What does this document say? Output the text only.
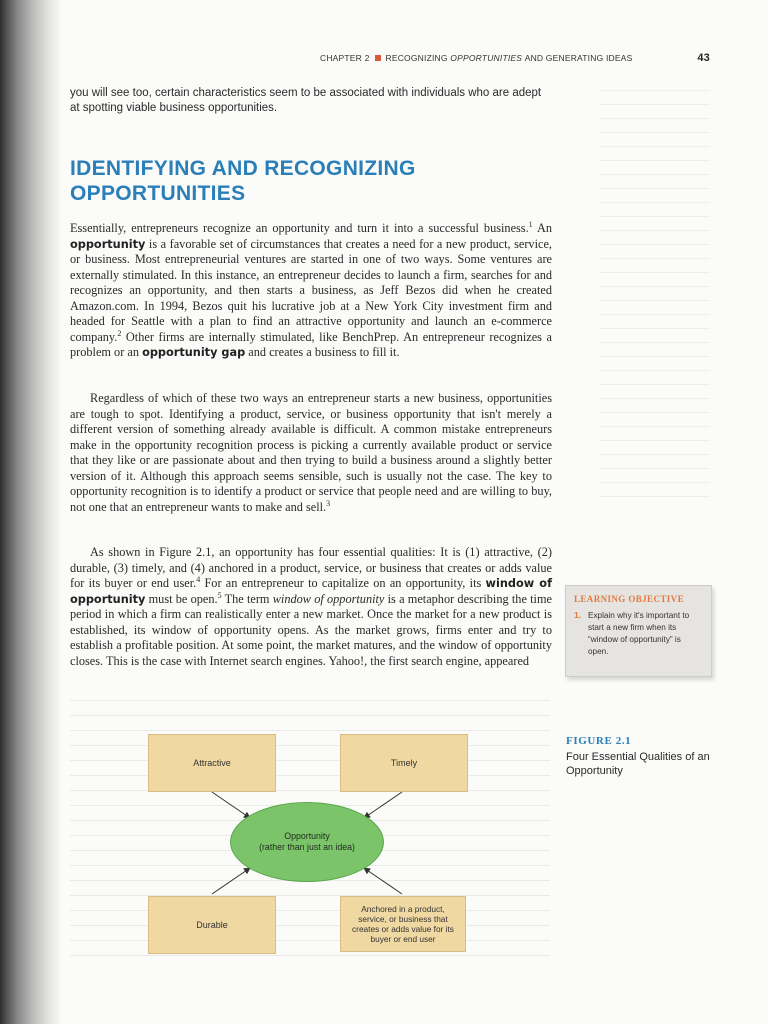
CHAPTER 2 RECOGNIZING
OPPORTUNITIES
AND GENERATING IDEAS	43
you will see too, certain characteristics seem to be associated with individuals who are adept at spotting viable business opportunities.
IDENTIFYING AND RECOGNIZING OPPORTUNITIES
Essentially, entrepreneurs recognize an opportunity and turn it into a successful business.$^1$ An opportunity is a favorable set of circumstances that creates a need for a new product, service, or business. Most entrepreneurial ventures are started in one of two ways. Some ventures are externally stimulated. In this instance, an entrepreneur decides to launch a firm, searches for and recognizes an opportunity, and then starts a business, as Jeff Bezos did when he created Amazon.com. In 1994, Bezos quit his lucrative job at a New York City investment firm and headed for Seattle with a plan to find an attractive opportunity and launch an e-commerce company.$^2$ Other firms are internally stimulated, like BenchPrep. An entrepreneur recognizes a problem or an opportunity gap and creates a business to fill it.
Regardless of which of these two ways an entrepreneur starts a new business, opportunities are tough to spot. Identifying a product, service, or business opportunity that isn't merely a different version of something already available is difficult. A common mistake entrepreneurs make in the opportunity recognition process is picking a currently available product or service that they like or are passionate about and then trying to build a business around a slightly better version of it. Although this approach seems sensible, such is usually not the case. The key to opportunity recognition is to identify a product or service that people need and are willing to buy, not one that an entrepreneur wants to make and sell.$^3$
As shown in Figure 2.1, an opportunity has four essential qualities: It is (1) attractive, (2) durable, (3) timely, and (4) anchored in a product, service, or business that creates or adds value for its buyer or end user.$^4$ For an entrepreneur to capitalize on an opportunity, its window of opportunity must be open.$^5$ The term window of opportunity is a metaphor describing the time period in which a firm can realistically enter a new market. Once the market for a new product is established, its window of opportunity opens. As the market grows, firms enter and try to establish a profitable position. At some point, the market matures, and the window of opportunity closes. This is the case with Internet search engines. Yahoo!, the first search engine, appeared
LEARNING OBJECTIVE
1. Explain why it's important to start a new firm when its “window of opportunity” is open.
FIGURE 2.1
Four Essential Qualities of an Opportunity
Attractive	Timely
Durable
Anchored in a product, service, or business that creates or adds value for its buyer or end user
Opportunity
(rather than just an idea)
